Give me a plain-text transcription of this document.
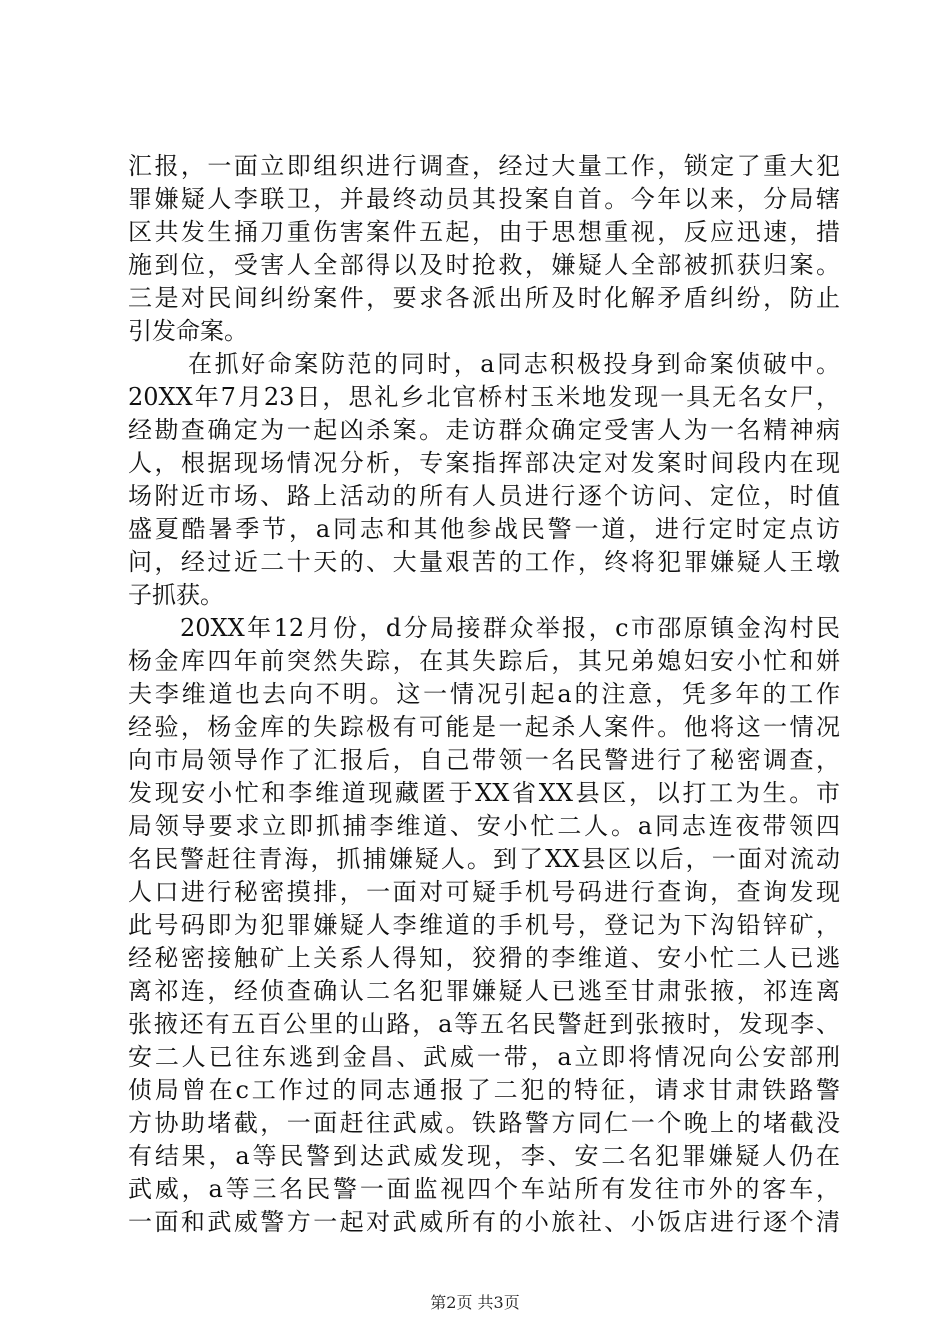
汇报，一面立即组织进行调查，经过大量工作，锁定了重大犯
罪嫌疑人李联卫，并最终动员其投案自首。今年以来，分局辖
区共发生捅刀重伤害案件五起，由于思想重视，反应迅速，措
施到位，受害人全部得以及时抢救，嫌疑人全部被抓获归案。
三是对民间纠纷案件，要求各派出所及时化解矛盾纠纷，防止
引发命案。
在抓好命案防范的同时，a同志积极投身到命案侦破中。
20XX年7月23日，思礼乡北官桥村玉米地发现一具无名女尸，
经勘查确定为一起凶杀案。走访群众确定受害人为一名精神病
人，根据现场情况分析，专案指挥部决定对发案时间段内在现
场附近市场、路上活动的所有人员进行逐个访问、定位，时值
盛夏酷暑季节，a同志和其他参战民警一道，进行定时定点访
问，经过近二十天的、大量艰苦的工作，终将犯罪嫌疑人王墩
子抓获。
20XX年12月份，d分局接群众举报，c市邵原镇金沟村民
杨金库四年前突然失踪，在其失踪后，其兄弟媳妇安小忙和姘
夫李维道也去向不明。这一情况引起a的注意，凭多年的工作
经验，杨金库的失踪极有可能是一起杀人案件。他将这一情况
向市局领导作了汇报后，自己带领一名民警进行了秘密调查，
发现安小忙和李维道现藏匿于XX省XX县区，以打工为生。市
局领导要求立即抓捕李维道、安小忙二人。a同志连夜带领四
名民警赶往青海，抓捕嫌疑人。到了XX县区以后，一面对流动
人口进行秘密摸排，一面对可疑手机号码进行查询，查询发现
此号码即为犯罪嫌疑人李维道的手机号，登记为下沟铅锌矿，
经秘密接触矿上关系人得知，狡猾的李维道、安小忙二人已逃
离祁连，经侦查确认二名犯罪嫌疑人已逃至甘肃张掖，祁连离
张掖还有五百公里的山路，a等五名民警赶到张掖时，发现李、
安二人已往东逃到金昌、武威一带，a立即将情况向公安部刑
侦局曾在c工作过的同志通报了二犯的特征，请求甘肃铁路警
方协助堵截，一面赶往武威。铁路警方同仁一个晚上的堵截没
有结果，a等民警到达武威发现，李、安二名犯罪嫌疑人仍在
武威，a等三名民警一面监视四个车站所有发往市外的客车，
一面和武威警方一起对武威所有的小旅社、小饭店进行逐个清
第2页 共3页
